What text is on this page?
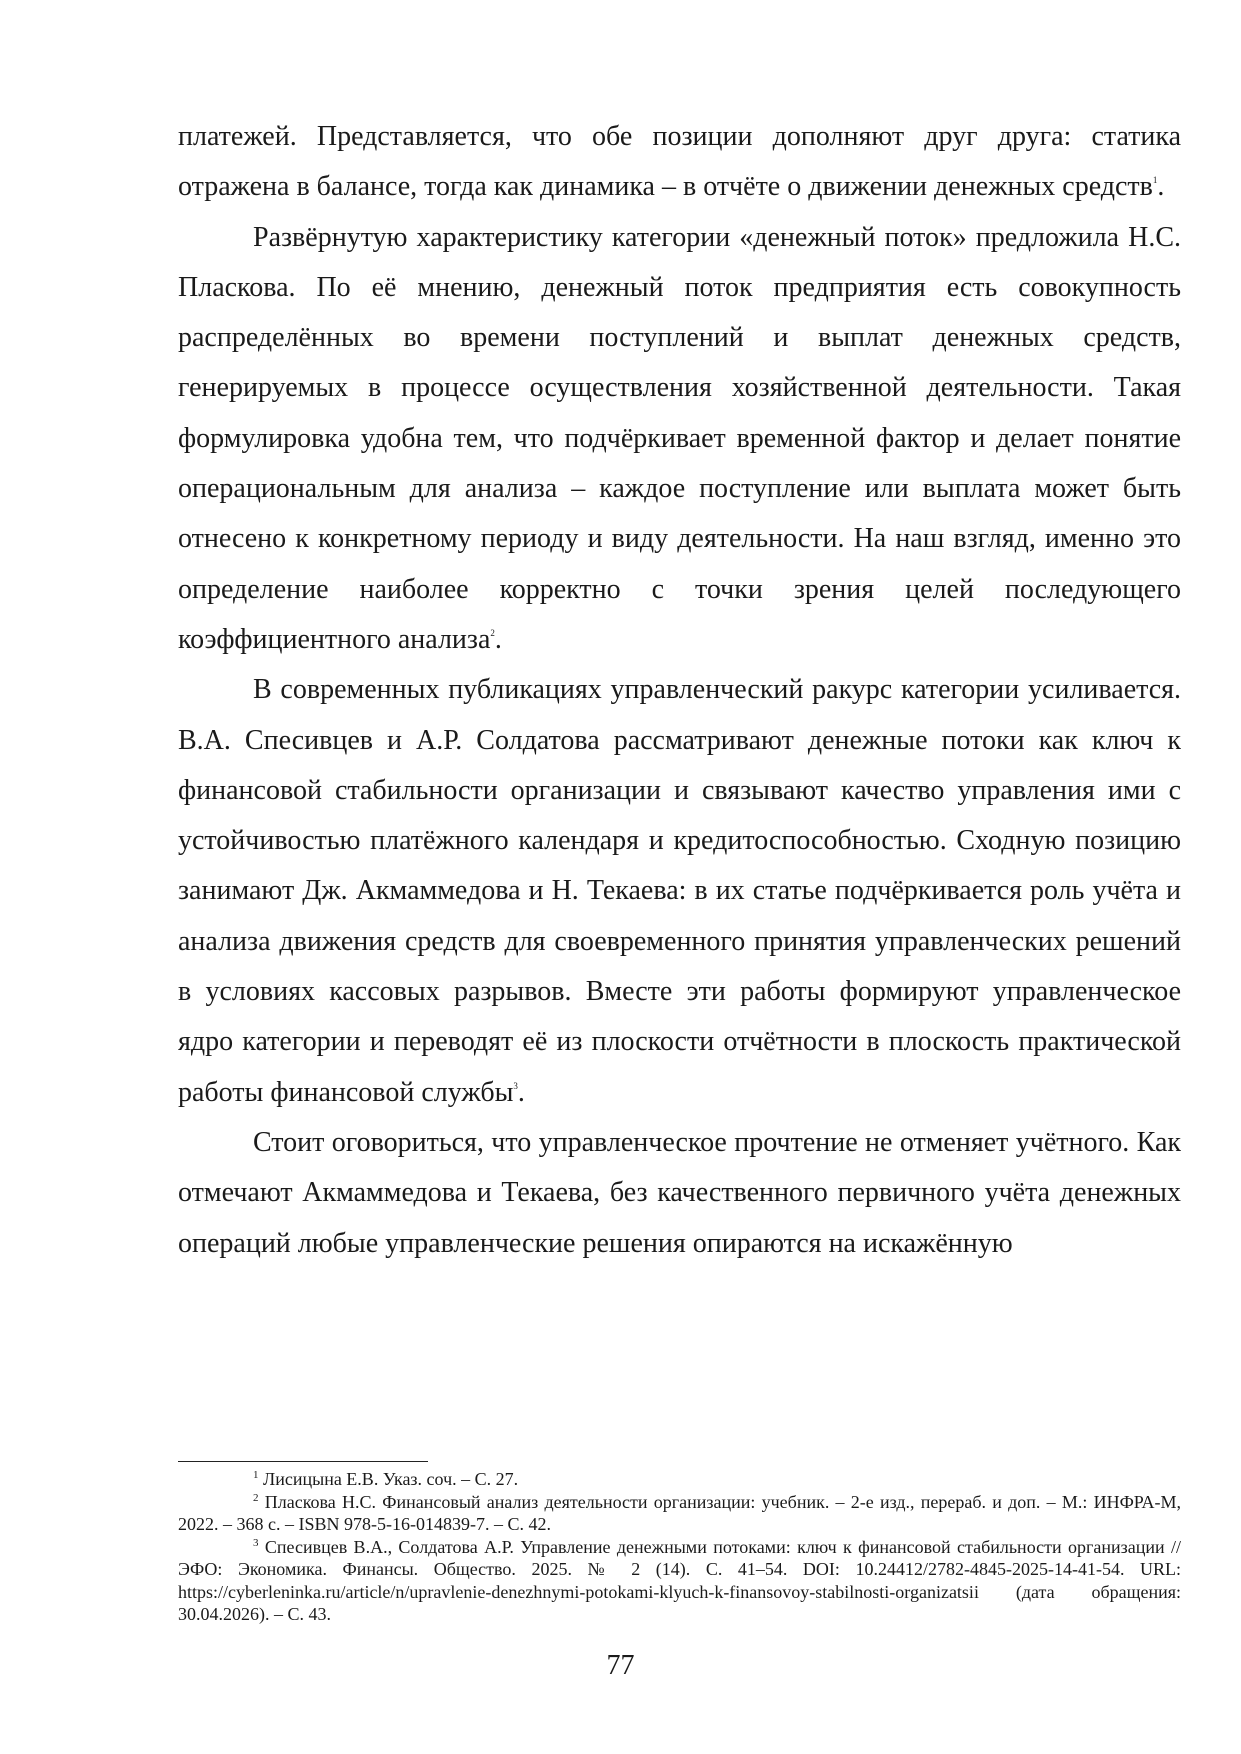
платежей. Представляется, что обе позиции дополняют друг друга: статика отражена в балансе, тогда как динамика – в отчёте о движении денежных средств$^1$.

Развёрнутую характеристику категории «денежный поток» предложила Н.С. Пласкова. По её мнению, денежный поток предприятия есть совокупность распределённых во времени поступлений и выплат денежных средств, генерируемых в процессе осуществления хозяйственной деятельности. Такая формулировка удобна тем, что подчёркивает временной фактор и делает понятие операциональным для анализа – каждое поступление или выплата может быть отнесено к конкретному периоду и виду деятельности. На наш взгляд, именно это определение наиболее корректно с точки зрения целей последующего коэффициентного анализа$^2$.

В современных публикациях управленческий ракурс категории усиливается. В.А. Спесивцев и А.Р. Солдатова рассматривают денежные потоки как ключ к финансовой стабильности организации и связывают качество управления ими с устойчивостью платёжного календаря и кредитоспособностью. Сходную позицию занимают Дж. Акмаммедова и Н. Текаева: в их статье подчёркивается роль учёта и анализа движения средств для своевременного принятия управленческих решений в условиях кассовых разрывов. Вместе эти работы формируют управленческое ядро категории и переводят её из плоскости отчётности в плоскость практической работы финансовой службы$^3$.

Стоит оговориться, что управленческое прочтение не отменяет учётного. Как отмечают Акмаммедова и Текаева, без качественного первичного учёта денежных операций любые управленческие решения опираются на искажённую

$^1$ Лисицына Е.В. Указ. соч. – С. 27.

$^2$ Пласкова Н.С. Финансовый анализ деятельности организации: учебник. – 2-е изд., перераб. и доп. – М.: ИНФРА-М, 2022. – 368 с. – ISBN 978-5-16-014839-7. – С. 42.

$^3$ Спесивцев В.А., Солдатова А.Р. Управление денежными потоками: ключ к финансовой стабильности организации // ЭФО: Экономика. Финансы. Общество. 2025. № 2 (14). С. 41–54. DOI: 10.24412/2782-4845-2025-14-41-54. URL: https://cyberleninka.ru/article/n/upravlenie-denezhnymi-potokami-klyuch-k-finansovoy-stabilnosti-organizatsii (дата обращения: 30.04.2026). – С. 43.

77
